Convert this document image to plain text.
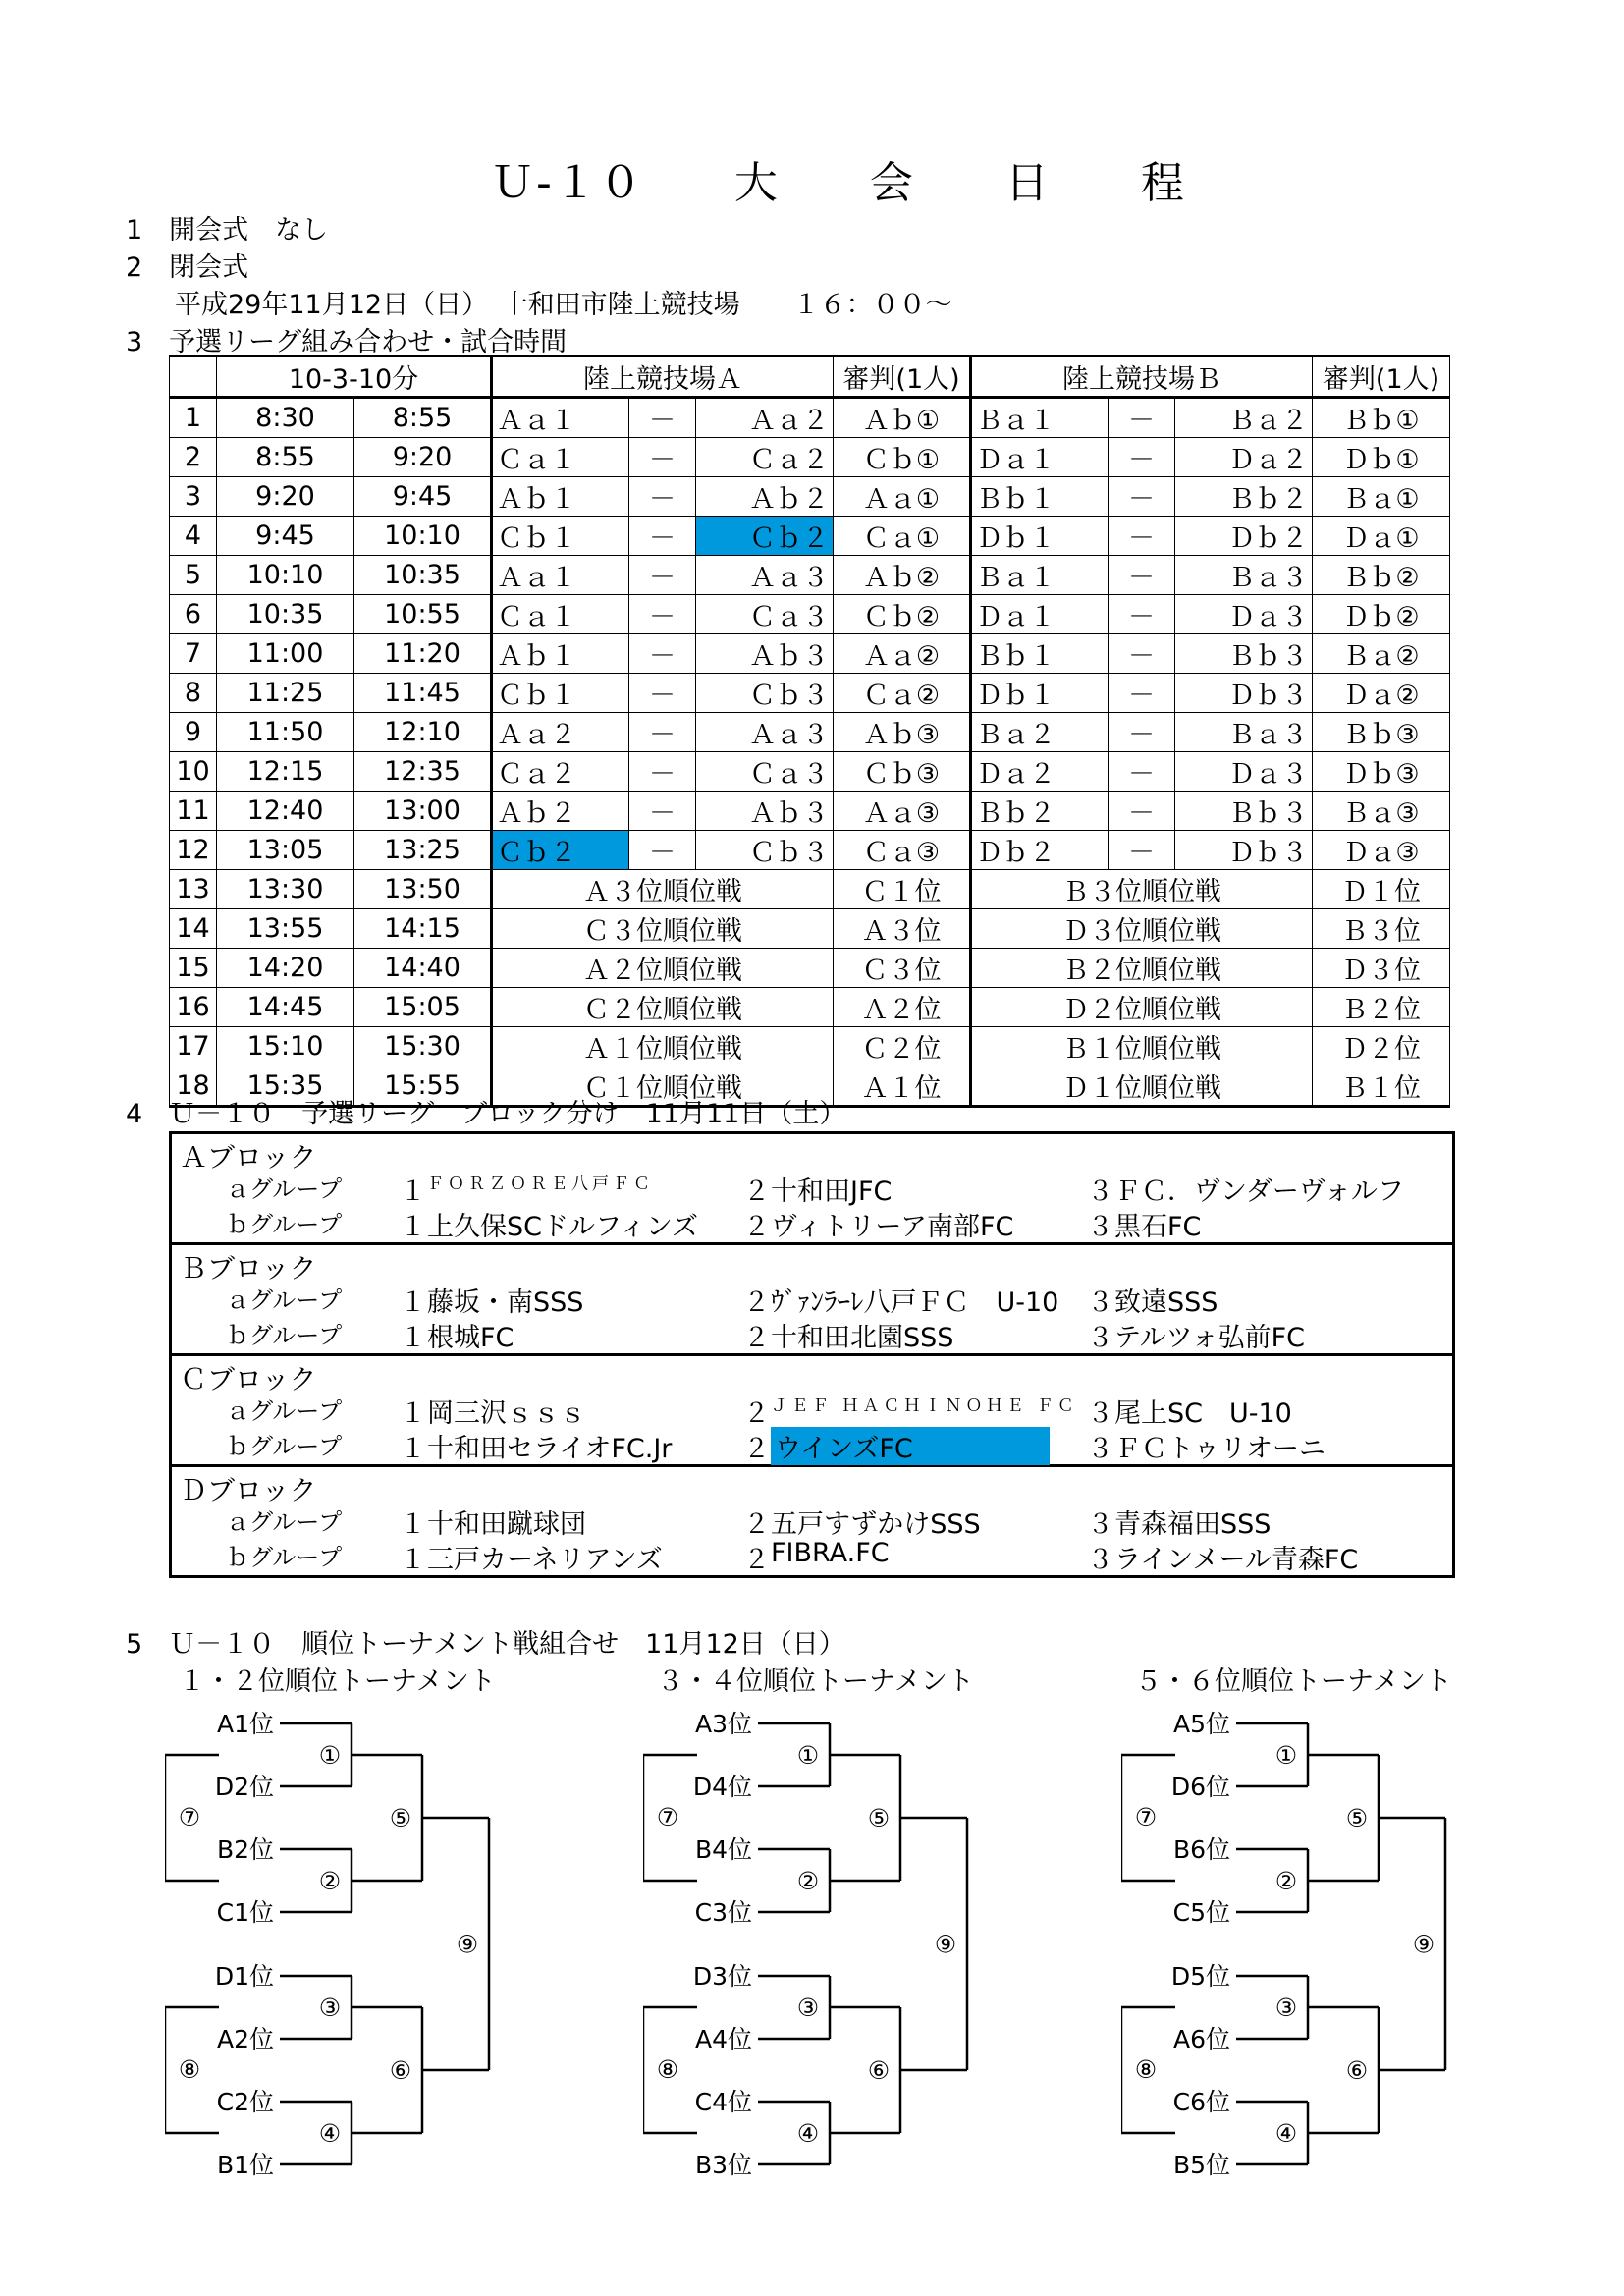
Ｕ-１０　　大　　会　　日　　程
1　開会式　なし
2　閉会式
平成29年11月12日（日）　十和田市陸上競技場　　１６：００～
3　予選リーグ組み合わせ・試合時間
	10-3-10分		陸上競技場Ａ			審判(1人)	陸上競技場Ｂ			審判(1人)
1	8:30	8:55	Ａａ１	－	Ａａ２	Ａｂ①	Ｂａ１	－	Ｂａ２	Ｂｂ①
2	8:55	9:20	Ｃａ１	－	Ｃａ２	Ｃｂ①	Ｄａ１	－	Ｄａ２	Ｄｂ①
3	9:20	9:45	Ａｂ１	－	Ａｂ２	Ａａ①	Ｂｂ１	－	Ｂｂ２	Ｂａ①
4	9:45	10:10	Ｃｂ１	－	Ｃｂ２	Ｃａ①	Ｄｂ１	－	Ｄｂ２	Ｄａ①
5	10:10	10:35	Ａａ１	－	Ａａ３	Ａｂ②	Ｂａ１	－	Ｂａ３	Ｂｂ②
6	10:35	10:55	Ｃａ１	－	Ｃａ３	Ｃｂ②	Ｄａ１	－	Ｄａ３	Ｄｂ②
7	11:00	11:20	Ａｂ１	－	Ａｂ３	Ａａ②	Ｂｂ１	－	Ｂｂ３	Ｂａ②
8	11:25	11:45	Ｃｂ１	－	Ｃｂ３	Ｃａ②	Ｄｂ１	－	Ｄｂ３	Ｄａ②
9	11:50	12:10	Ａａ２	－	Ａａ３	Ａｂ③	Ｂａ２	－	Ｂａ３	Ｂｂ③
10	12:15	12:35	Ｃａ２	－	Ｃａ３	Ｃｂ③	Ｄａ２	－	Ｄａ３	Ｄｂ③
11	12:40	13:00	Ａｂ２	－	Ａｂ３	Ａａ③	Ｂｂ２	－	Ｂｂ３	Ｂａ③
12	13:05	13:25	Ｃｂ２	－	Ｃｂ３	Ｃａ③	Ｄｂ２	－	Ｄｂ３	Ｄａ③
13	13:30	13:50	Ａ３位順位戦			Ｃ１位	Ｂ３位順位戦			Ｄ１位
14	13:55	14:15	Ｃ３位順位戦			Ａ３位	Ｄ３位順位戦			Ｂ３位
15	14:20	14:40	Ａ２位順位戦			Ｃ３位	Ｂ２位順位戦			Ｄ３位
16	14:45	15:05	Ｃ２位順位戦			Ａ２位	Ｄ２位順位戦			Ｂ２位
17	15:10	15:30	Ａ１位順位戦			Ｃ２位	Ｂ１位順位戦			Ｄ２位
18	15:35	15:55	Ｃ１位順位戦			Ａ１位	Ｄ１位順位戦			Ｂ１位
4　Ｕ－１０　予選リーグ　ブロック分け　11月11日（土）
Ａブロック
ａグループ １ ＦＯＲＺＯＲＥ八戸ＦＣ	２ 十和田JFC	３ ＦＣ．ヴンダーヴォルフ
ｂグループ １ 上久保SCドルフィンズ ２ ヴィトリーア南部FC	３ 黒石FC
Ｂブロック
ａグループ １ 藤坂・南SSS	２ ｳﾞｧﾝﾗｰﾚ八戸ＦＣ　U-10 ３ 致遠SSS
ｂグループ １ 根城FC	２ 十和田北園SSS	３ テルツォ弘前FC
Ｃブロック
ａグループ １ 岡三沢ｓｓｓ	２ ＪＥＦ ＨＡＣＨＩＮＯＨＥ ＦＣ ３ 尾上SC　U-10
ｂグループ １ 十和田セライオFC.Jr	２ ウインズFC	３ ＦＣトゥリオーニ
Ｄブロック
ａグループ １ 十和田蹴球団	２ 五戸すずかけSSS	３ 青森福田SSS
ｂグループ １ 三戸カーネリアンズ	２ FIBRA.FC	３ ラインメール青森FC
5　Ｕ－１０　順位トーナメント戦組合せ　11月12日（日）
１・２位順位トーナメント
A1位
D2位
B2位
C1位
D1位
A2位
C2位
B1位
①
②
③
④
⑦
⑧
⑤
⑥
⑨
３・４位順位トーナメント
A3位
D4位
B4位
C3位
D3位
A4位
C4位
B3位
①
②
③
④
⑦
⑧
⑤
⑥
⑨
５・６位順位トーナメント
A5位
D6位
B6位
C5位
D5位
A6位
C6位
B5位
①
②
③
④
⑦
⑧
⑤
⑥
⑨
